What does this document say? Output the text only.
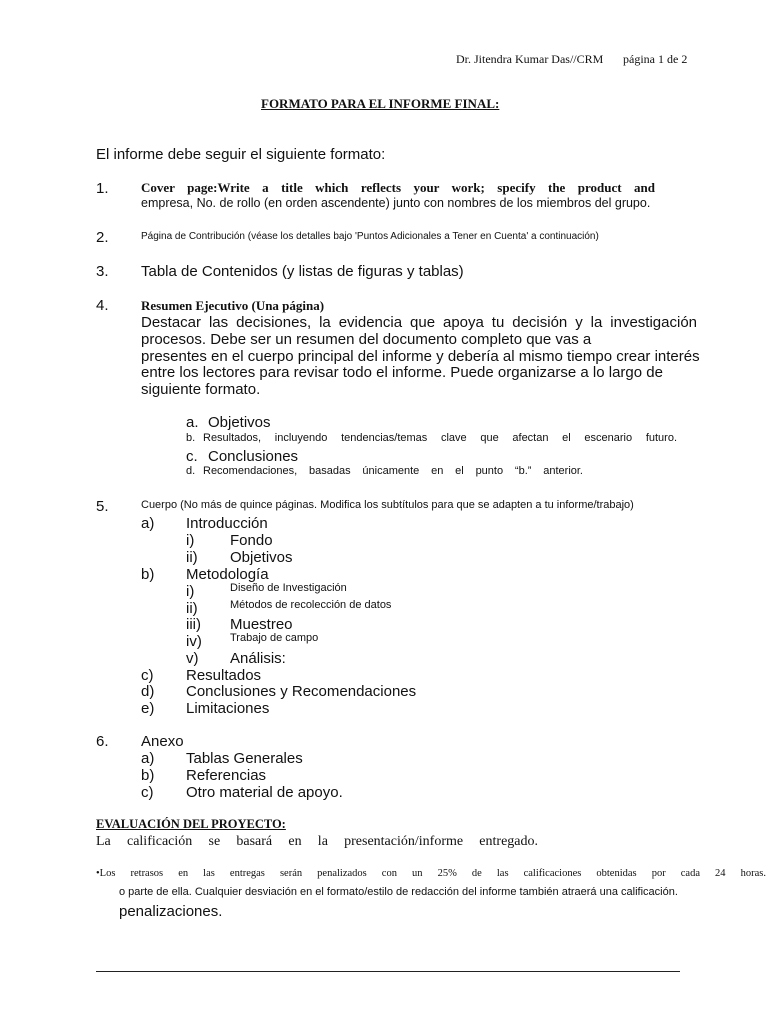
Dr. Jitendra Kumar Das//CRM página 1 de 2
FORMATO PARA EL INFORME FINAL:
El informe debe seguir el siguiente formato:
1. Cover page:Write a title which reflects your work; specify the product and
empresa, No. de rollo (en orden ascendente) junto con nombres de los miembros del grupo.
2.	Página de Contribución (véase los detalles bajo 'Puntos Adicionales a Tener en Cuenta' a continuación)
3. Tabla de Contenidos (y listas de figuras y tablas)
4. Resumen Ejecutivo (Una página)
Destacar las decisiones, la evidencia que apoya tu decisión y la investigación
procesos. Debe ser un resumen del documento completo que vas a
presentes en el cuerpo principal del informe y debería al mismo tiempo crear interés
entre los lectores para revisar todo el informe. Puede organizarse a lo largo de
siguiente formato.
a. Objetivos
b. Resultados, incluyendo tendencias/temas clave que afectan el escenario futuro.
c. Conclusiones
d. Recomendaciones, basadas únicamente en el punto “b.” anterior.
5.	Cuerpo (No más de quince páginas. Modifica los subtítulos para que se adapten a tu informe/trabajo)
a) Introducción
i) Fondo
ii) Objetivos
b) Metodología
i)	Diseño de Investigación
ii)	Métodos de recolección de datos
iii) Muestreo
iv)	Trabajo de campo
v) Análisis:
c) Resultados
d) Conclusiones y Recomendaciones
e) Limitaciones
6. Anexo
a) Tablas Generales
b) Referencias
c) Otro material de apoyo.
EVALUACIÓN DEL PROYECTO:
La calificación se basará en la presentación/informe entregado.
•Los retrasos en las entregas serán penalizados con un 25% de las calificaciones obtenidas por cada 24 horas.
o parte de ella. Cualquier desviación en el formato/estilo de redacción del informe también atraerá una calificación.
penalizaciones.
